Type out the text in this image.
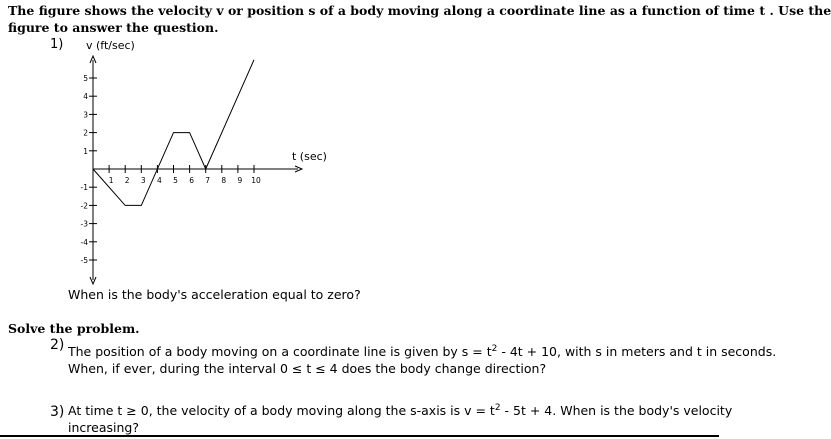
The figure shows the velocity v or position s of a body moving along a coordinate line as a function of time t . Use the
figure to answer the question.
1) v (ft/sec)
t (sec)
1 2 3 4 5 6 7 8 9 10
5
4
3
2
1
-1
-2
-3
-4
-5
When is the body's acceleration equal to zero?
Solve the problem.
2) The position of a body moving on a coordinate line is given by $s = t^2 - 4t + 10$, with s in meters and t in seconds.
When, if ever, during the interval 0 ≤ t ≤ 4 does the body change direction?
3) At time t ≥ 0, the velocity of a body moving along the s-axis is $v = t^2 - 5t + 4$. When is the body's velocity
increasing?
